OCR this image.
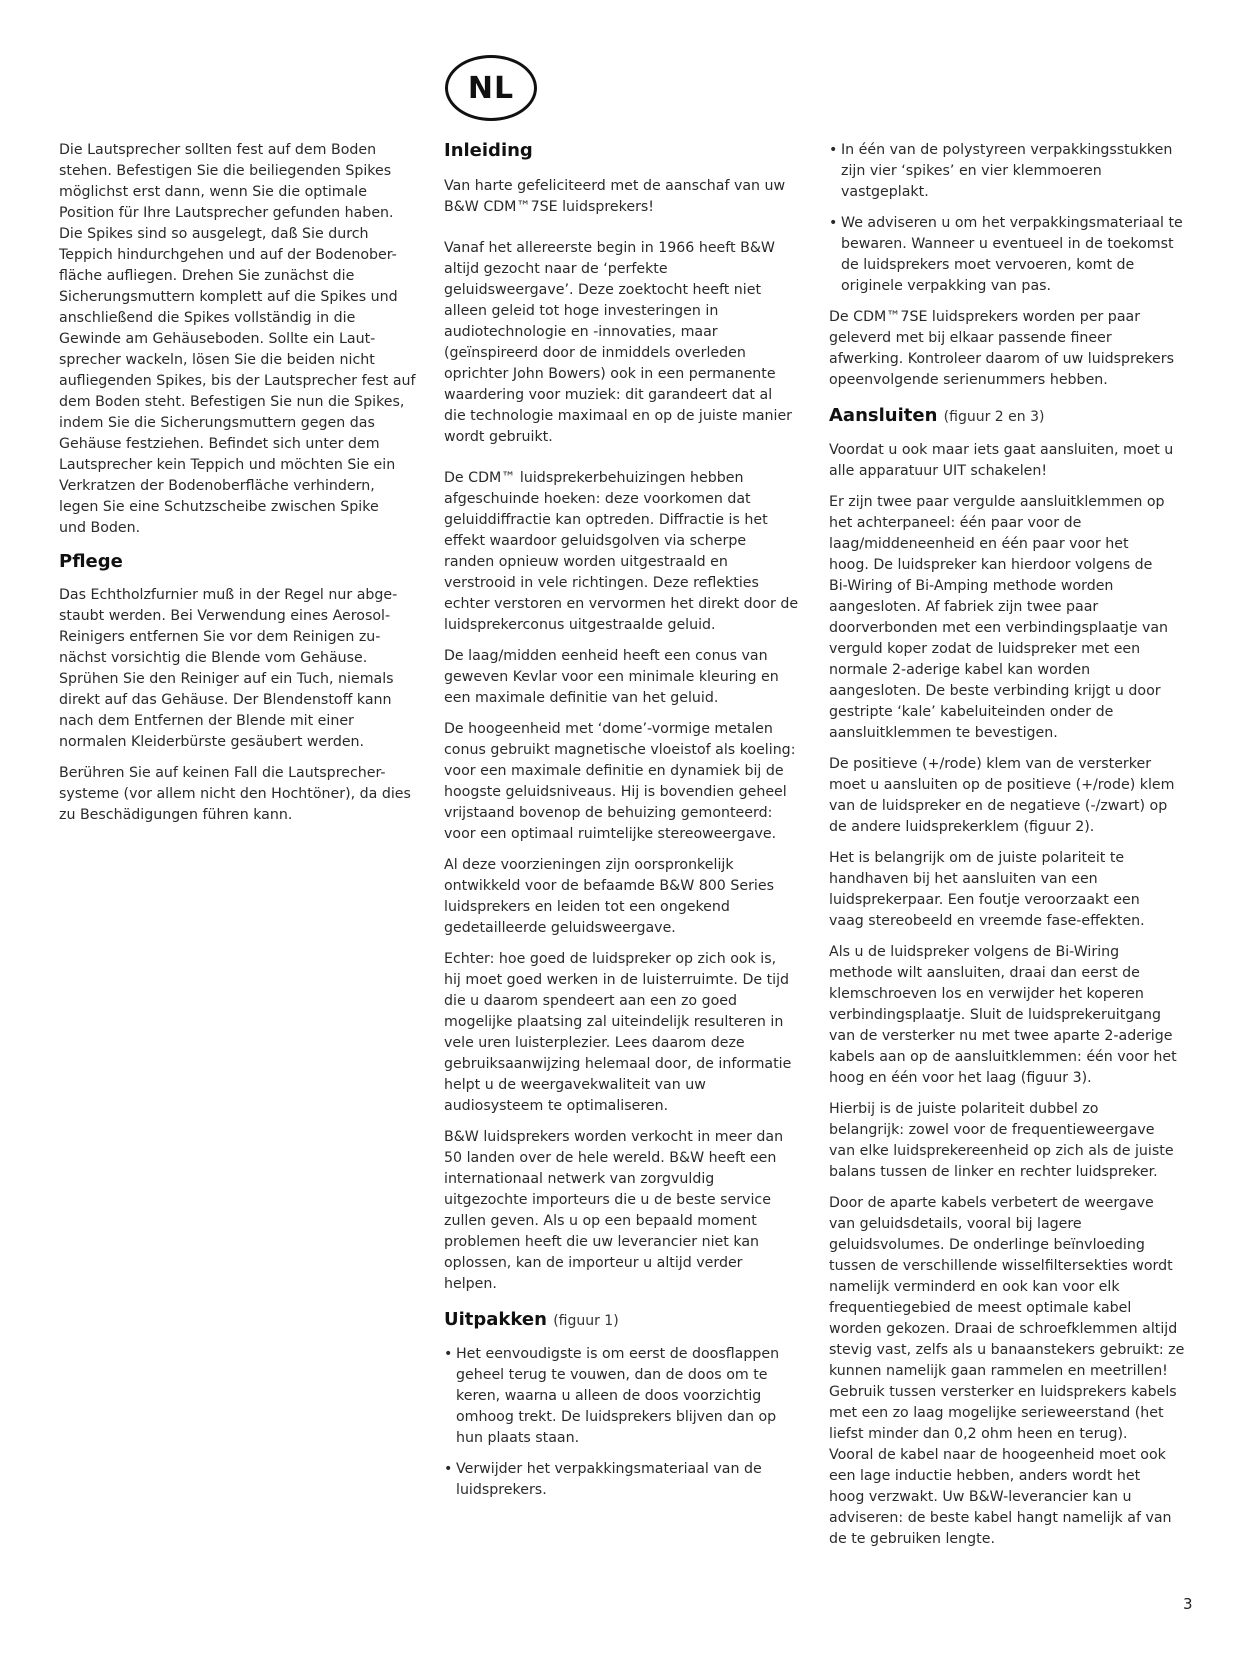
NL

Die Lautsprecher sollten fest auf dem Boden
stehen. Befestigen Sie die beiliegenden Spikes
möglichst erst dann, wenn Sie die optimale
Position für Ihre Lautsprecher gefunden haben.
Die Spikes sind so ausgelegt, daß Sie durch
Teppich hindurchgehen und auf der Bodenober-
fläche aufliegen. Drehen Sie zunächst die
Sicherungsmuttern komplett auf die Spikes und
anschließend die Spikes vollständig in die
Gewinde am Gehäuseboden. Sollte ein Laut-
sprecher wackeln, lösen Sie die beiden nicht
aufliegenden Spikes, bis der Lautsprecher fest auf
dem Boden steht. Befestigen Sie nun die Spikes,
indem Sie die Sicherungsmuttern gegen das
Gehäuse festziehen. Befindet sich unter dem
Lautsprecher kein Teppich und möchten Sie ein
Verkratzen der Bodenoberfläche verhindern,
legen Sie eine Schutzscheibe zwischen Spike
und Boden.

Pflege

Das Echtholzfurnier muß in der Regel nur abge-
staubt werden. Bei Verwendung eines Aerosol-
Reinigers entfernen Sie vor dem Reinigen zu-
nächst vorsichtig die Blende vom Gehäuse.
Sprühen Sie den Reiniger auf ein Tuch, niemals
direkt auf das Gehäuse. Der Blendenstoff kann
nach dem Entfernen der Blende mit einer
normalen Kleiderbürste gesäubert werden.

Berühren Sie auf keinen Fall die Lautsprecher-
systeme (vor allem nicht den Hochtöner), da dies
zu Beschädigungen führen kann.

Inleiding

Van harte gefeliciteerd met de aanschaf van uw
B&W CDM™7SE luidsprekers!

Vanaf het allereerste begin in 1966 heeft B&W
altijd gezocht naar de ‘perfekte
geluidsweergave’. Deze zoektocht heeft niet
alleen geleid tot hoge investeringen in
audiotechnologie en -innovaties, maar
(geïnspireerd door de inmiddels overleden
oprichter John Bowers) ook in een permanente
waardering voor muziek: dit garandeert dat al
die technologie maximaal en op de juiste manier
wordt gebruikt.

De CDM™ luidsprekerbehuizingen hebben
afgeschuinde hoeken: deze voorkomen dat
geluiddiffractie kan optreden. Diffractie is het
effekt waardoor geluidsgolven via scherpe
randen opnieuw worden uitgestraald en
verstrooid in vele richtingen. Deze reflekties
echter verstoren en vervormen het direkt door de
luidsprekerconus uitgestraalde geluid.

De laag/midden eenheid heeft een conus van
geweven Kevlar voor een minimale kleuring en
een maximale definitie van het geluid.

De hoogeenheid met ‘dome’-vormige metalen
conus gebruikt magnetische vloeistof als koeling:
voor een maximale definitie en dynamiek bij de
hoogste geluidsniveaus. Hij is bovendien geheel
vrijstaand bovenop de behuizing gemonteerd:
voor een optimaal ruimtelijke stereoweergave.

Al deze voorzieningen zijn oorspronkelijk
ontwikkeld voor de befaamde B&W 800 Series
luidsprekers en leiden tot een ongekend
gedetailleerde geluidsweergave.

Echter: hoe goed de luidspreker op zich ook is,
hij moet goed werken in de luisterruimte. De tijd
die u daarom spendeert aan een zo goed
mogelijke plaatsing zal uiteindelijk resulteren in
vele uren luisterplezier. Lees daarom deze
gebruiksaanwijzing helemaal door, de informatie
helpt u de weergavekwaliteit van uw
audiosysteem te optimaliseren.

B&W luidsprekers worden verkocht in meer dan
50 landen over de hele wereld. B&W heeft een
internationaal netwerk van zorgvuldig
uitgezochte importeurs die u de beste service
zullen geven. Als u op een bepaald moment
problemen heeft die uw leverancier niet kan
oplossen, kan de importeur u altijd verder
helpen.

Uitpakken (figuur 1)
• Het eenvoudigste is om eerst de doosflappen
geheel terug te vouwen, dan de doos om te
keren, waarna u alleen de doos voorzichtig
omhoog trekt. De luidsprekers blijven dan op
hun plaats staan.
• Verwijder het verpakkingsmateriaal van de
luidsprekers.
• In één van de polystyreen verpakkingsstukken
zijn vier ‘spikes’ en vier klemmoeren
vastgeplakt.
• We adviseren u om het verpakkingsmateriaal te
bewaren. Wanneer u eventueel in de toekomst
de luidsprekers moet vervoeren, komt de
originele verpakking van pas.

De CDM™7SE luidsprekers worden per paar
geleverd met bij elkaar passende fineer
afwerking. Kontroleer daarom of uw luidsprekers
opeenvolgende serienummers hebben.

Aansluiten (figuur 2 en 3)

Voordat u ook maar iets gaat aansluiten, moet u
alle apparatuur UIT schakelen!

Er zijn twee paar vergulde aansluitklemmen op
het achterpaneel: één paar voor de
laag/middeneenheid en één paar voor het
hoog. De luidspreker kan hierdoor volgens de
Bi-Wiring of Bi-Amping methode worden
aangesloten. Af fabriek zijn twee paar
doorverbonden met een verbindingsplaatje van
verguld koper zodat de luidspreker met een
normale 2-aderige kabel kan worden
aangesloten. De beste verbinding krijgt u door
gestripte ‘kale’ kabeluiteinden onder de
aansluitklemmen te bevestigen.

De positieve (+/rode) klem van de versterker
moet u aansluiten op de positieve (+/rode) klem
van de luidspreker en de negatieve (-/zwart) op
de andere luidsprekerklem (figuur 2).

Het is belangrijk om de juiste polariteit te
handhaven bij het aansluiten van een
luidsprekerpaar. Een foutje veroorzaakt een
vaag stereobeeld en vreemde fase-effekten.

Als u de luidspreker volgens de Bi-Wiring
methode wilt aansluiten, draai dan eerst de
klemschroeven los en verwijder het koperen
verbindingsplaatje. Sluit de luidsprekeruitgang
van de versterker nu met twee aparte 2-aderige
kabels aan op de aansluitklemmen: één voor het
hoog en één voor het laag (figuur 3).

Hierbij is de juiste polariteit dubbel zo
belangrijk: zowel voor de frequentieweergave
van elke luidsprekereenheid op zich als de juiste
balans tussen de linker en rechter luidspreker.

Door de aparte kabels verbetert de weergave
van geluidsdetails, vooral bij lagere
geluidsvolumes. De onderlinge beïnvloeding
tussen de verschillende wisselfiltersekties wordt
namelijk verminderd en ook kan voor elk
frequentiegebied de meest optimale kabel
worden gekozen. Draai de schroefklemmen altijd
stevig vast, zelfs als u banaanstekers gebruikt: ze
kunnen namelijk gaan rammelen en meetrillen!
Gebruik tussen versterker en luidsprekers kabels
met een zo laag mogelijke serieweerstand (het
liefst minder dan 0,2 ohm heen en terug).
Vooral de kabel naar de hoogeenheid moet ook
een lage inductie hebben, anders wordt het
hoog verzwakt. Uw B&W-leverancier kan u
adviseren: de beste kabel hangt namelijk af van
de te gebruiken lengte.

3
